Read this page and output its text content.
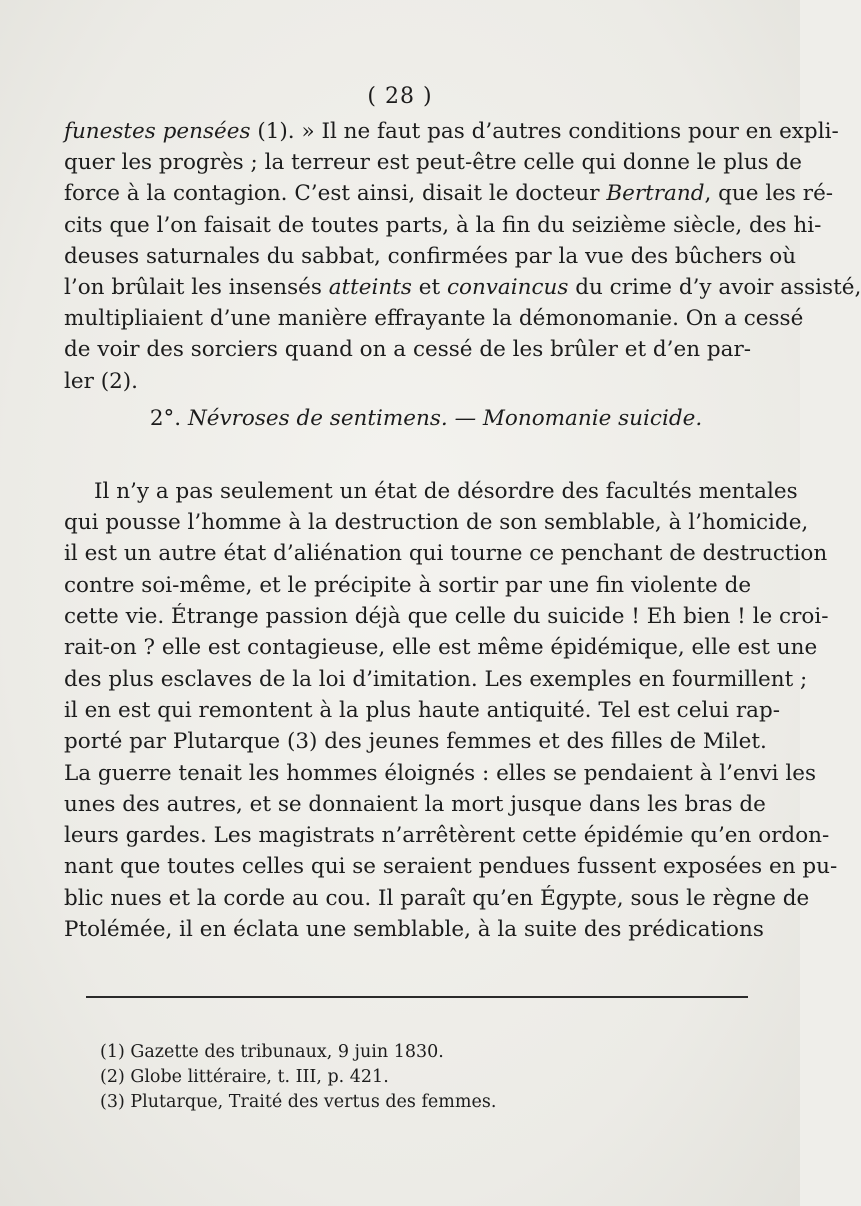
( 28 )
funestes pensées (1). » Il ne faut pas d’autres conditions pour en expli-
quer les progrès ; la terreur est peut-être celle qui donne le plus de
force à la contagion. C’est ainsi, disait le docteur Bertrand, que les ré-
cits que l’on faisait de toutes parts, à la fin du seizième siècle, des hi-
deuses saturnales du sabbat, confirmées par la vue des bûchers où
l’on brûlait les insensés atteints et convaincus du crime d’y avoir assisté,
multipliaient d’une manière effrayante la démonomanie. On a cessé
de voir des sorciers quand on a cessé de les brûler et d’en par-
ler (2).
2°. Névroses de sentimens. — Monomanie suicide.
Il n’y a pas seulement un état de désordre des facultés mentales
qui pousse l’homme à la destruction de son semblable, à l’homicide,
il est un autre état d’aliénation qui tourne ce penchant de destruction
contre soi-même, et le précipite à sortir par une fin violente de
cette vie. Étrange passion déjà que celle du suicide ! Eh bien ! le croi-
rait-on ? elle est contagieuse, elle est même épidémique, elle est une
des plus esclaves de la loi d’imitation. Les exemples en fourmillent ;
il en est qui remontent à la plus haute antiquité. Tel est celui rap-
porté par Plutarque (3) des jeunes femmes et des filles de Milet.
La guerre tenait les hommes éloignés : elles se pendaient à l’envi les
unes des autres, et se donnaient la mort jusque dans les bras de
leurs gardes. Les magistrats n’arrêtèrent cette épidémie qu’en ordon-
nant que toutes celles qui se seraient pendues fussent exposées en pu-
blic nues et la corde au cou. Il paraît qu’en Égypte, sous le règne de
Ptolémée, il en éclata une semblable, à la suite des prédications
(1) Gazette des tribunaux, 9 juin 1830.
(2) Globe littéraire, t. III, p. 421.
(3) Plutarque, Traité des vertus des femmes.
